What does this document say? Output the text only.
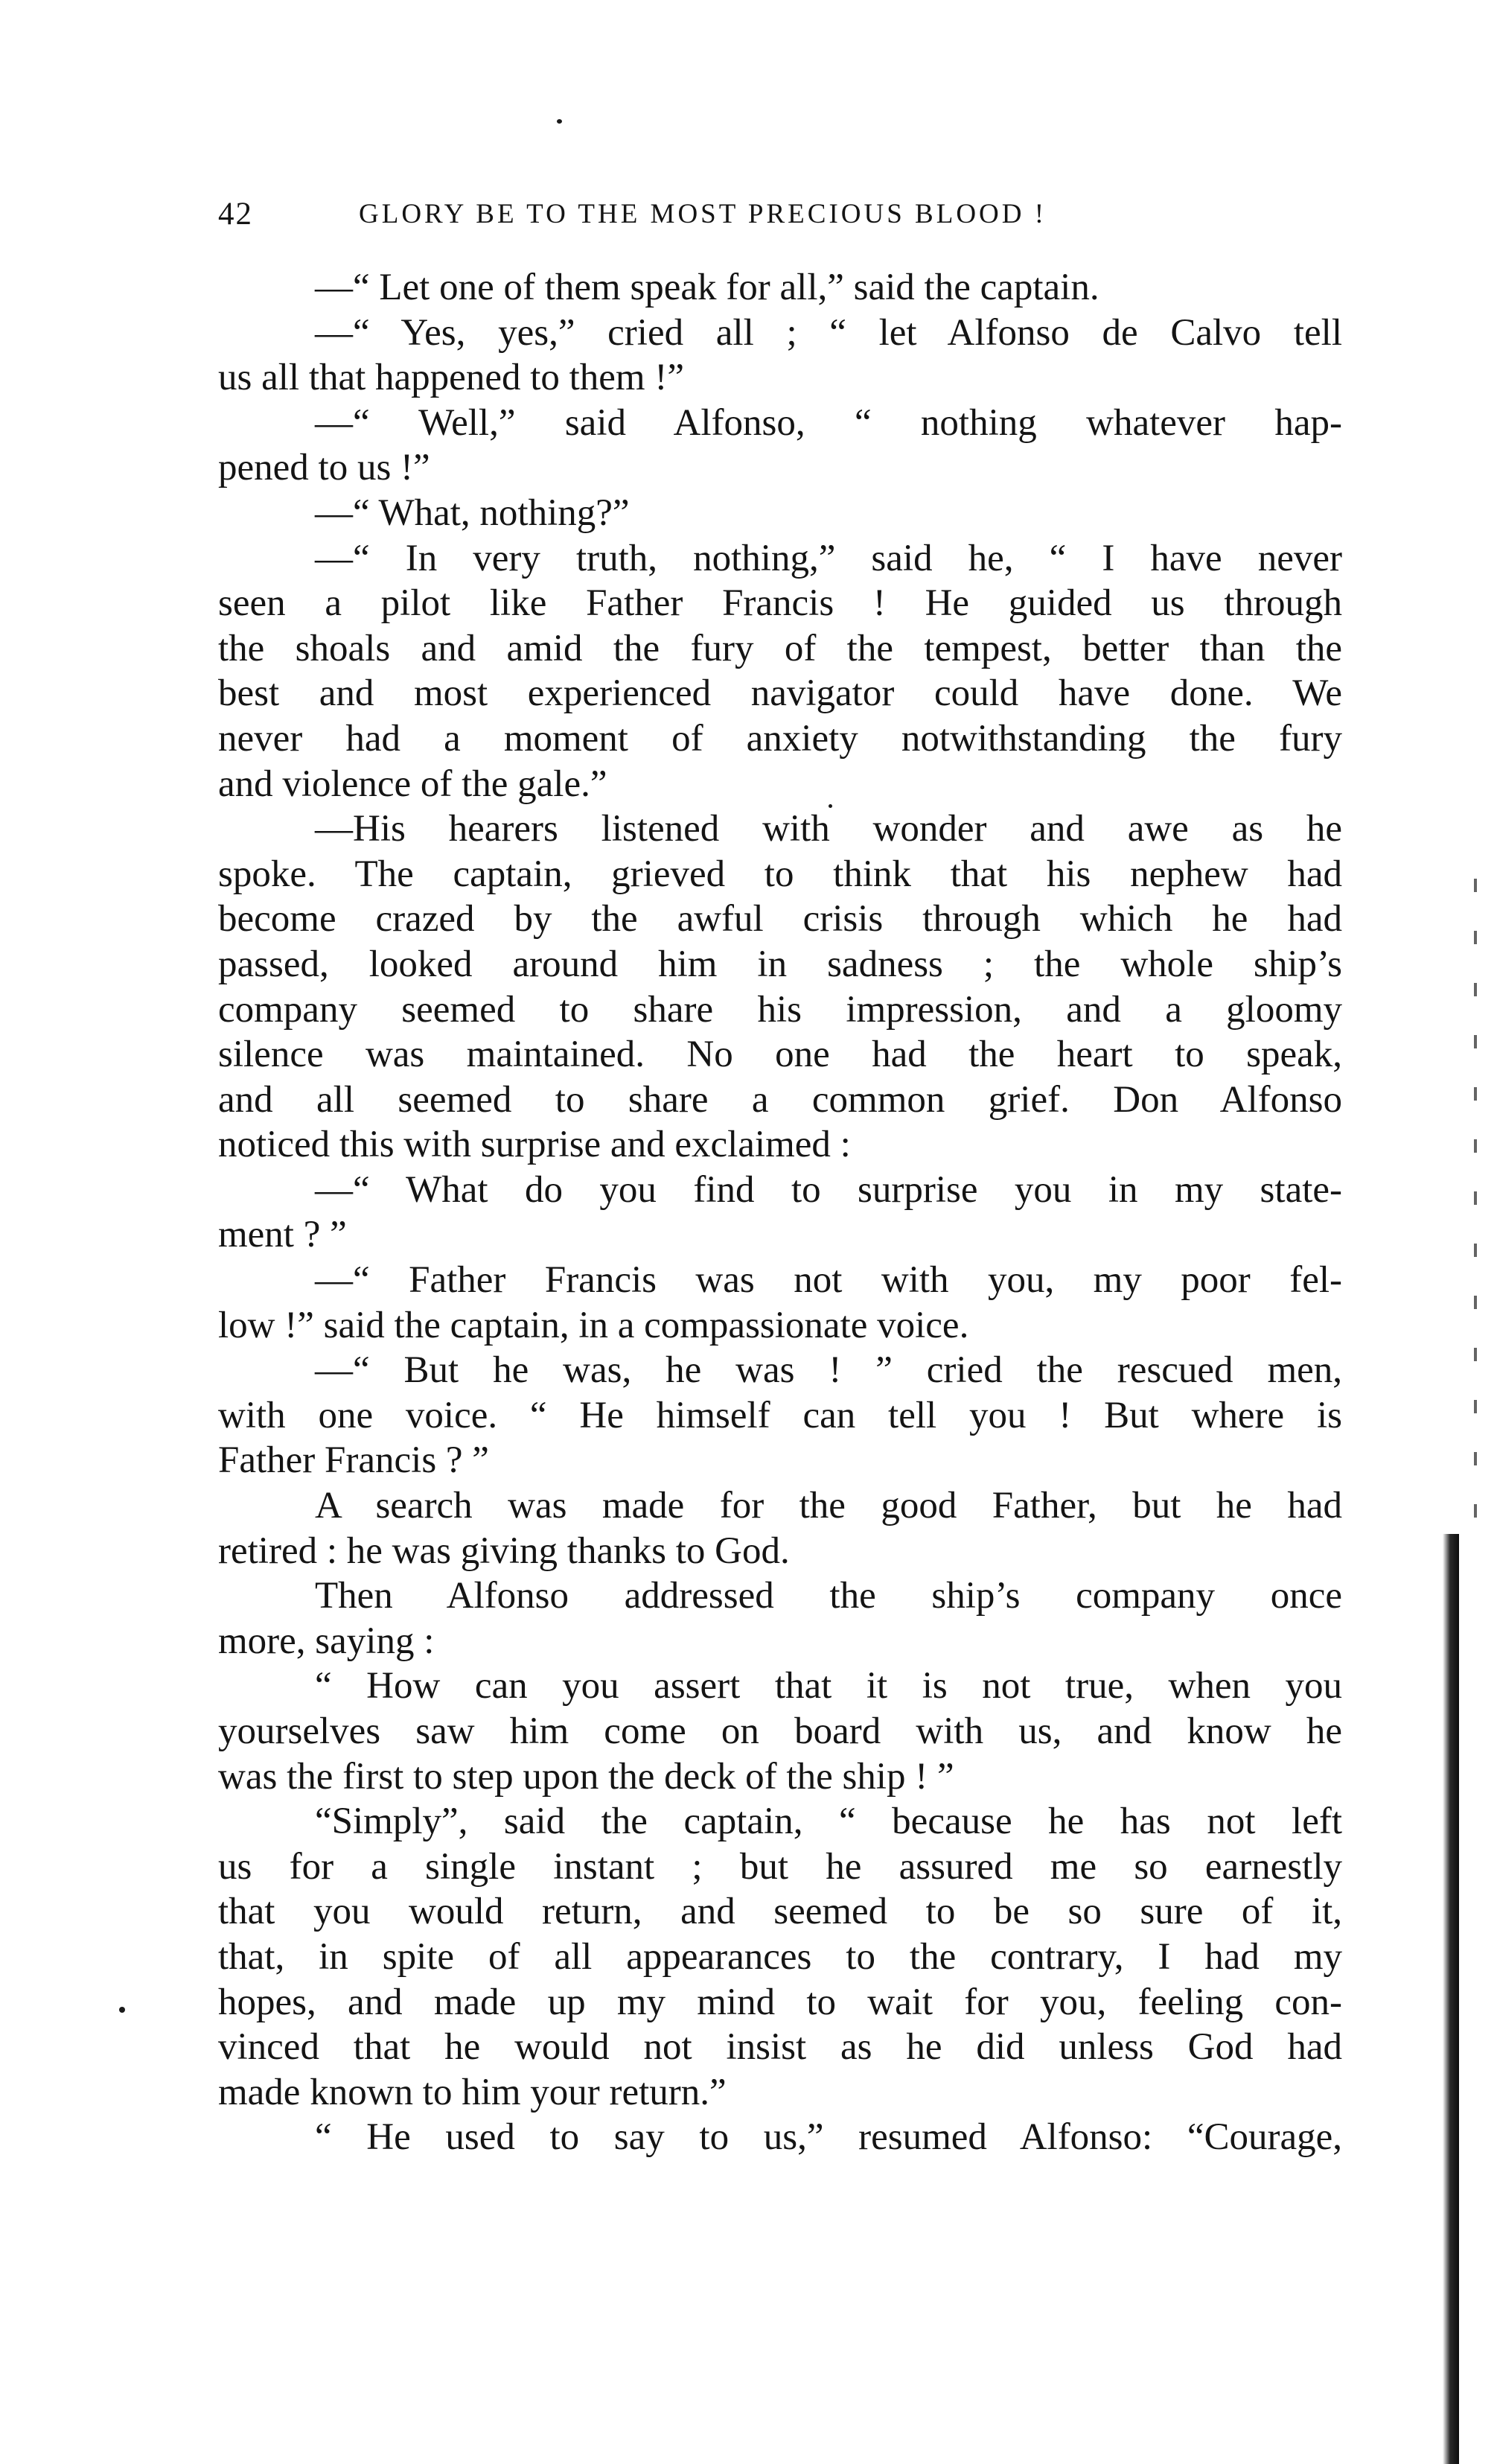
42	GLORY BE TO THE MOST PRECIOUS BLOOD !
—“ Let one of them speak for all,” said the captain.
—“ Yes, yes,” cried all ; “ let Alfonso de Calvo tell
us all that happened to them !”
—“ Well,” said Alfonso, “ nothing whatever hap-
pened to us !”
—“ What, nothing?”
—“ In very truth, nothing,” said he, “ I have never
seen a pilot like Father Francis ! He guided us through
the shoals and amid the fury of the tempest, better than the
best and most experienced navigator could have done. We
never had a moment of anxiety notwithstanding the fury
and violence of the gale.”
—His hearers listened with wonder and awe as he
spoke. The captain, grieved to think that his nephew had
become crazed by the awful crisis through which he had
passed, looked around him in sadness ; the whole ship’s
company seemed to share his impression, and a gloomy
silence was maintained. No one had the heart to speak,
and all seemed to share a common grief. Don Alfonso
noticed this with surprise and exclaimed :
—“ What do you find to surprise you in my state-
ment ? ”
—“ Father Francis was not with you, my poor fel-
low !” said the captain, in a compassionate voice.
—“ But he was, he was ! ” cried the rescued men,
with one voice. “ He himself can tell you ! But where is
Father Francis ? ”
A search was made for the good Father, but he had
retired : he was giving thanks to God.
Then Alfonso addressed the ship’s company once
more, saying :
“ How can you assert that it is not true, when you
yourselves saw him come on board with us, and know he
was the first to step upon the deck of the ship ! ”
“Simply”, said the captain, “ because he has not left
us for a single instant ; but he assured me so earnestly
that you would return, and seemed to be so sure of it,
that, in spite of all appearances to the contrary, I had my
hopes, and made up my mind to wait for you, feeling con-
vinced that he would not insist as he did unless God had
made known to him your return.”
“ He used to say to us,” resumed Alfonso: “Courage,
